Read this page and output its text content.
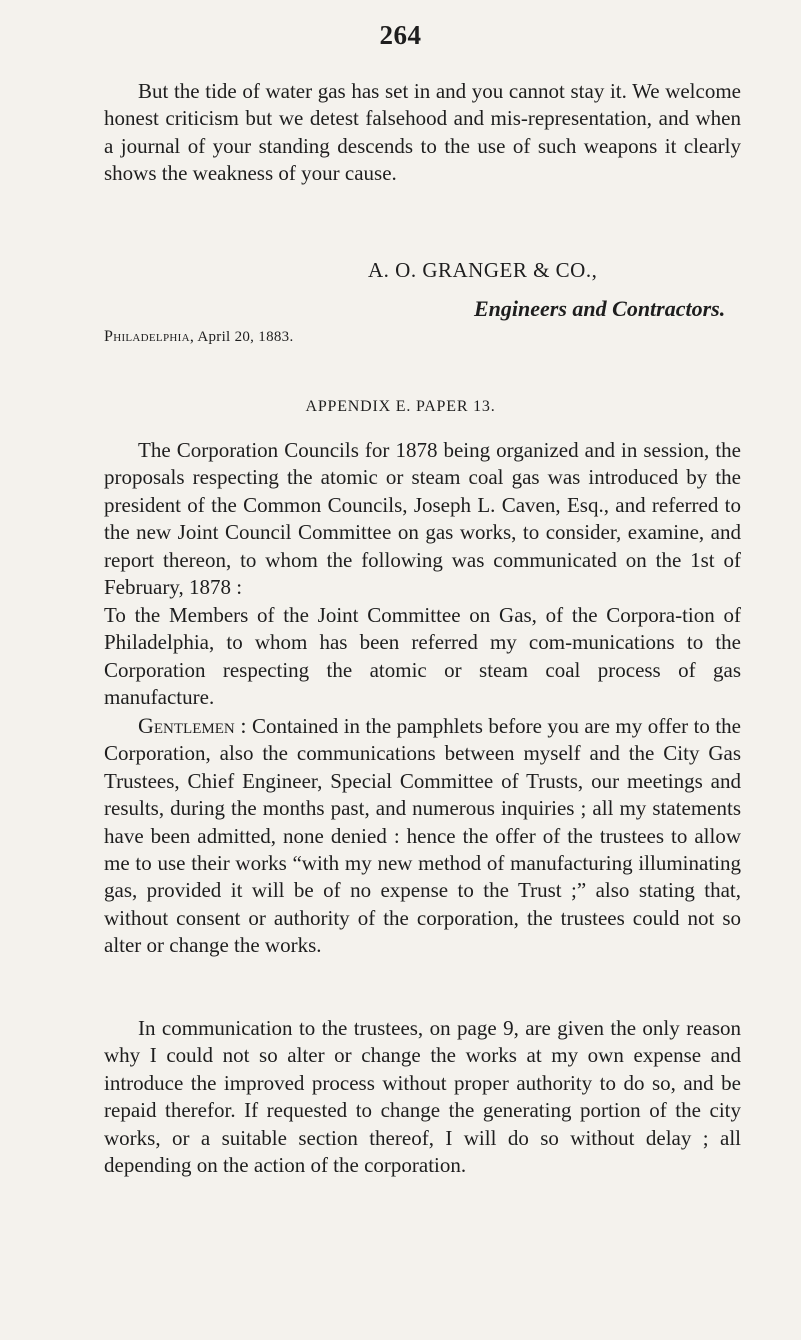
264
But the tide of water gas has set in and you cannot stay it. We welcome honest criticism but we detest falsehood and mis-representation, and when a journal of your standing descends to the use of such weapons it clearly shows the weakness of your cause.
A. O. GRANGER & CO.,
Engineers and Contractors.
Philadelphia, April 20, 1883.
APPENDIX E. PAPER 13.
The Corporation Councils for 1878 being organized and in session, the proposals respecting the atomic or steam coal gas was introduced by the president of the Common Councils, Joseph L. Caven, Esq., and referred to the new Joint Council Committee on gas works, to consider, examine, and report thereon, to whom the following was communicated on the 1st of February, 1878 :
To the Members of the Joint Committee on Gas, of the Corpora-tion of Philadelphia, to whom has been referred my com-munications to the Corporation respecting the atomic or steam coal process of gas manufacture.
Gentlemen : Contained in the pamphlets before you are my offer to the Corporation, also the communications between myself and the City Gas Trustees, Chief Engineer, Special Committee of Trusts, our meetings and results, during the months past, and numerous inquiries ; all my statements have been admitted, none denied : hence the offer of the trustees to allow me to use their works “with my new method of manufacturing illuminating gas, provided it will be of no expense to the Trust ;” also stating that, without consent or authority of the corporation, the trustees could not so alter or change the works.
In communication to the trustees, on page 9, are given the only reason why I could not so alter or change the works at my own expense and introduce the improved process without proper authority to do so, and be repaid therefor. If requested to change the generating portion of the city works, or a suitable section thereof, I will do so without delay ; all depending on the action of the corporation.
